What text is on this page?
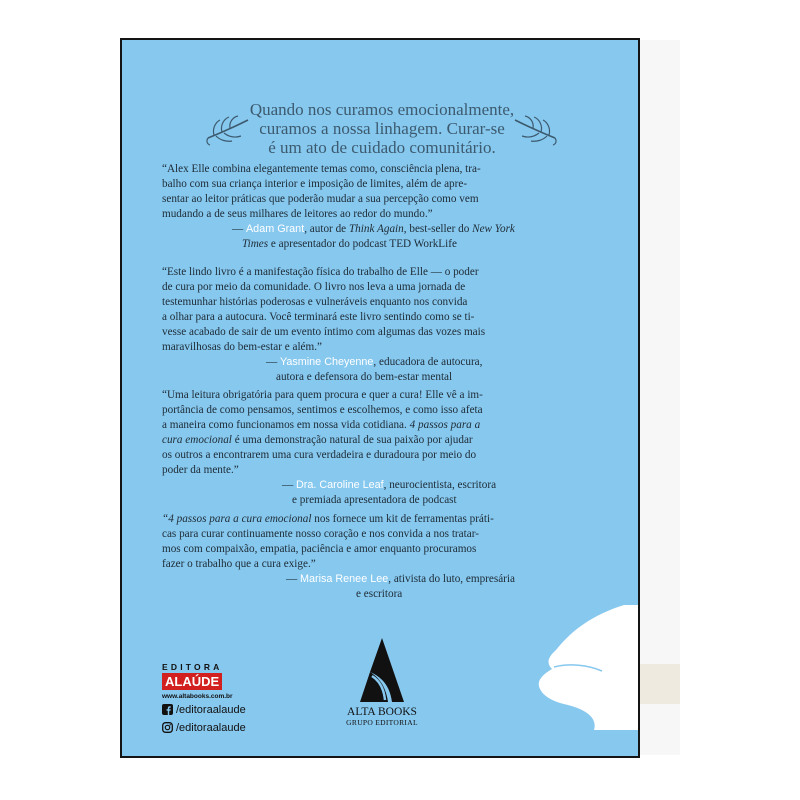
Quando nos curamos emocionalmente,
curamos a nossa linhagem. Curar-se
é um ato de cuidado comunitário.

“Alex Elle combina elegantemente temas como, consciência plena, tra-
balho com sua criança interior e imposição de limites, além de apre-
sentar ao leitor práticas que poderão mudar a sua percepção como vem
mudando a de seus milhares de leitores ao redor do mundo.”

— Adam Grant, autor de Think Again, best-seller do New York
Times e apresentador do podcast TED WorkLife

“Este lindo livro é a manifestação física do trabalho de Elle — o poder
de cura por meio da comunidade. O livro nos leva a uma jornada de
testemunhar histórias poderosas e vulneráveis enquanto nos convida
a olhar para a autocura. Você terminará este livro sentindo como se ti-
vesse acabado de sair de um evento íntimo com algumas das vozes mais
maravilhosas do bem-estar e além.”

— Yasmine Cheyenne, educadora de autocura,
autora e defensora do bem-estar mental

“Uma leitura obrigatória para quem procura e quer a cura! Elle vê a im-
portância de como pensamos, sentimos e escolhemos, e como isso afeta
a maneira como funcionamos em nossa vida cotidiana. 4 passos para a
cura emocional é uma demonstração natural de sua paixão por ajudar
os outros a encontrarem uma cura verdadeira e duradoura por meio do
poder da mente.”

— Dra. Caroline Leaf, neurocientista, escritora
e premiada apresentadora de podcast

“4 passos para a cura emocional nos fornece um kit de ferramentas práti-
cas para curar continuamente nosso coração e nos convida a nos tratar-
mos com compaixão, empatia, paciência e amor enquanto procuramos
fazer o trabalho que a cura exige.”

— Marisa Renee Lee, ativista do luto, empresária
e escritora

EDITORA
ALAÚDE
www.altabooks.com.br
/editoraalaude
/editoraalaude
ALTA BOOKS
GRUPO EDITORIAL
